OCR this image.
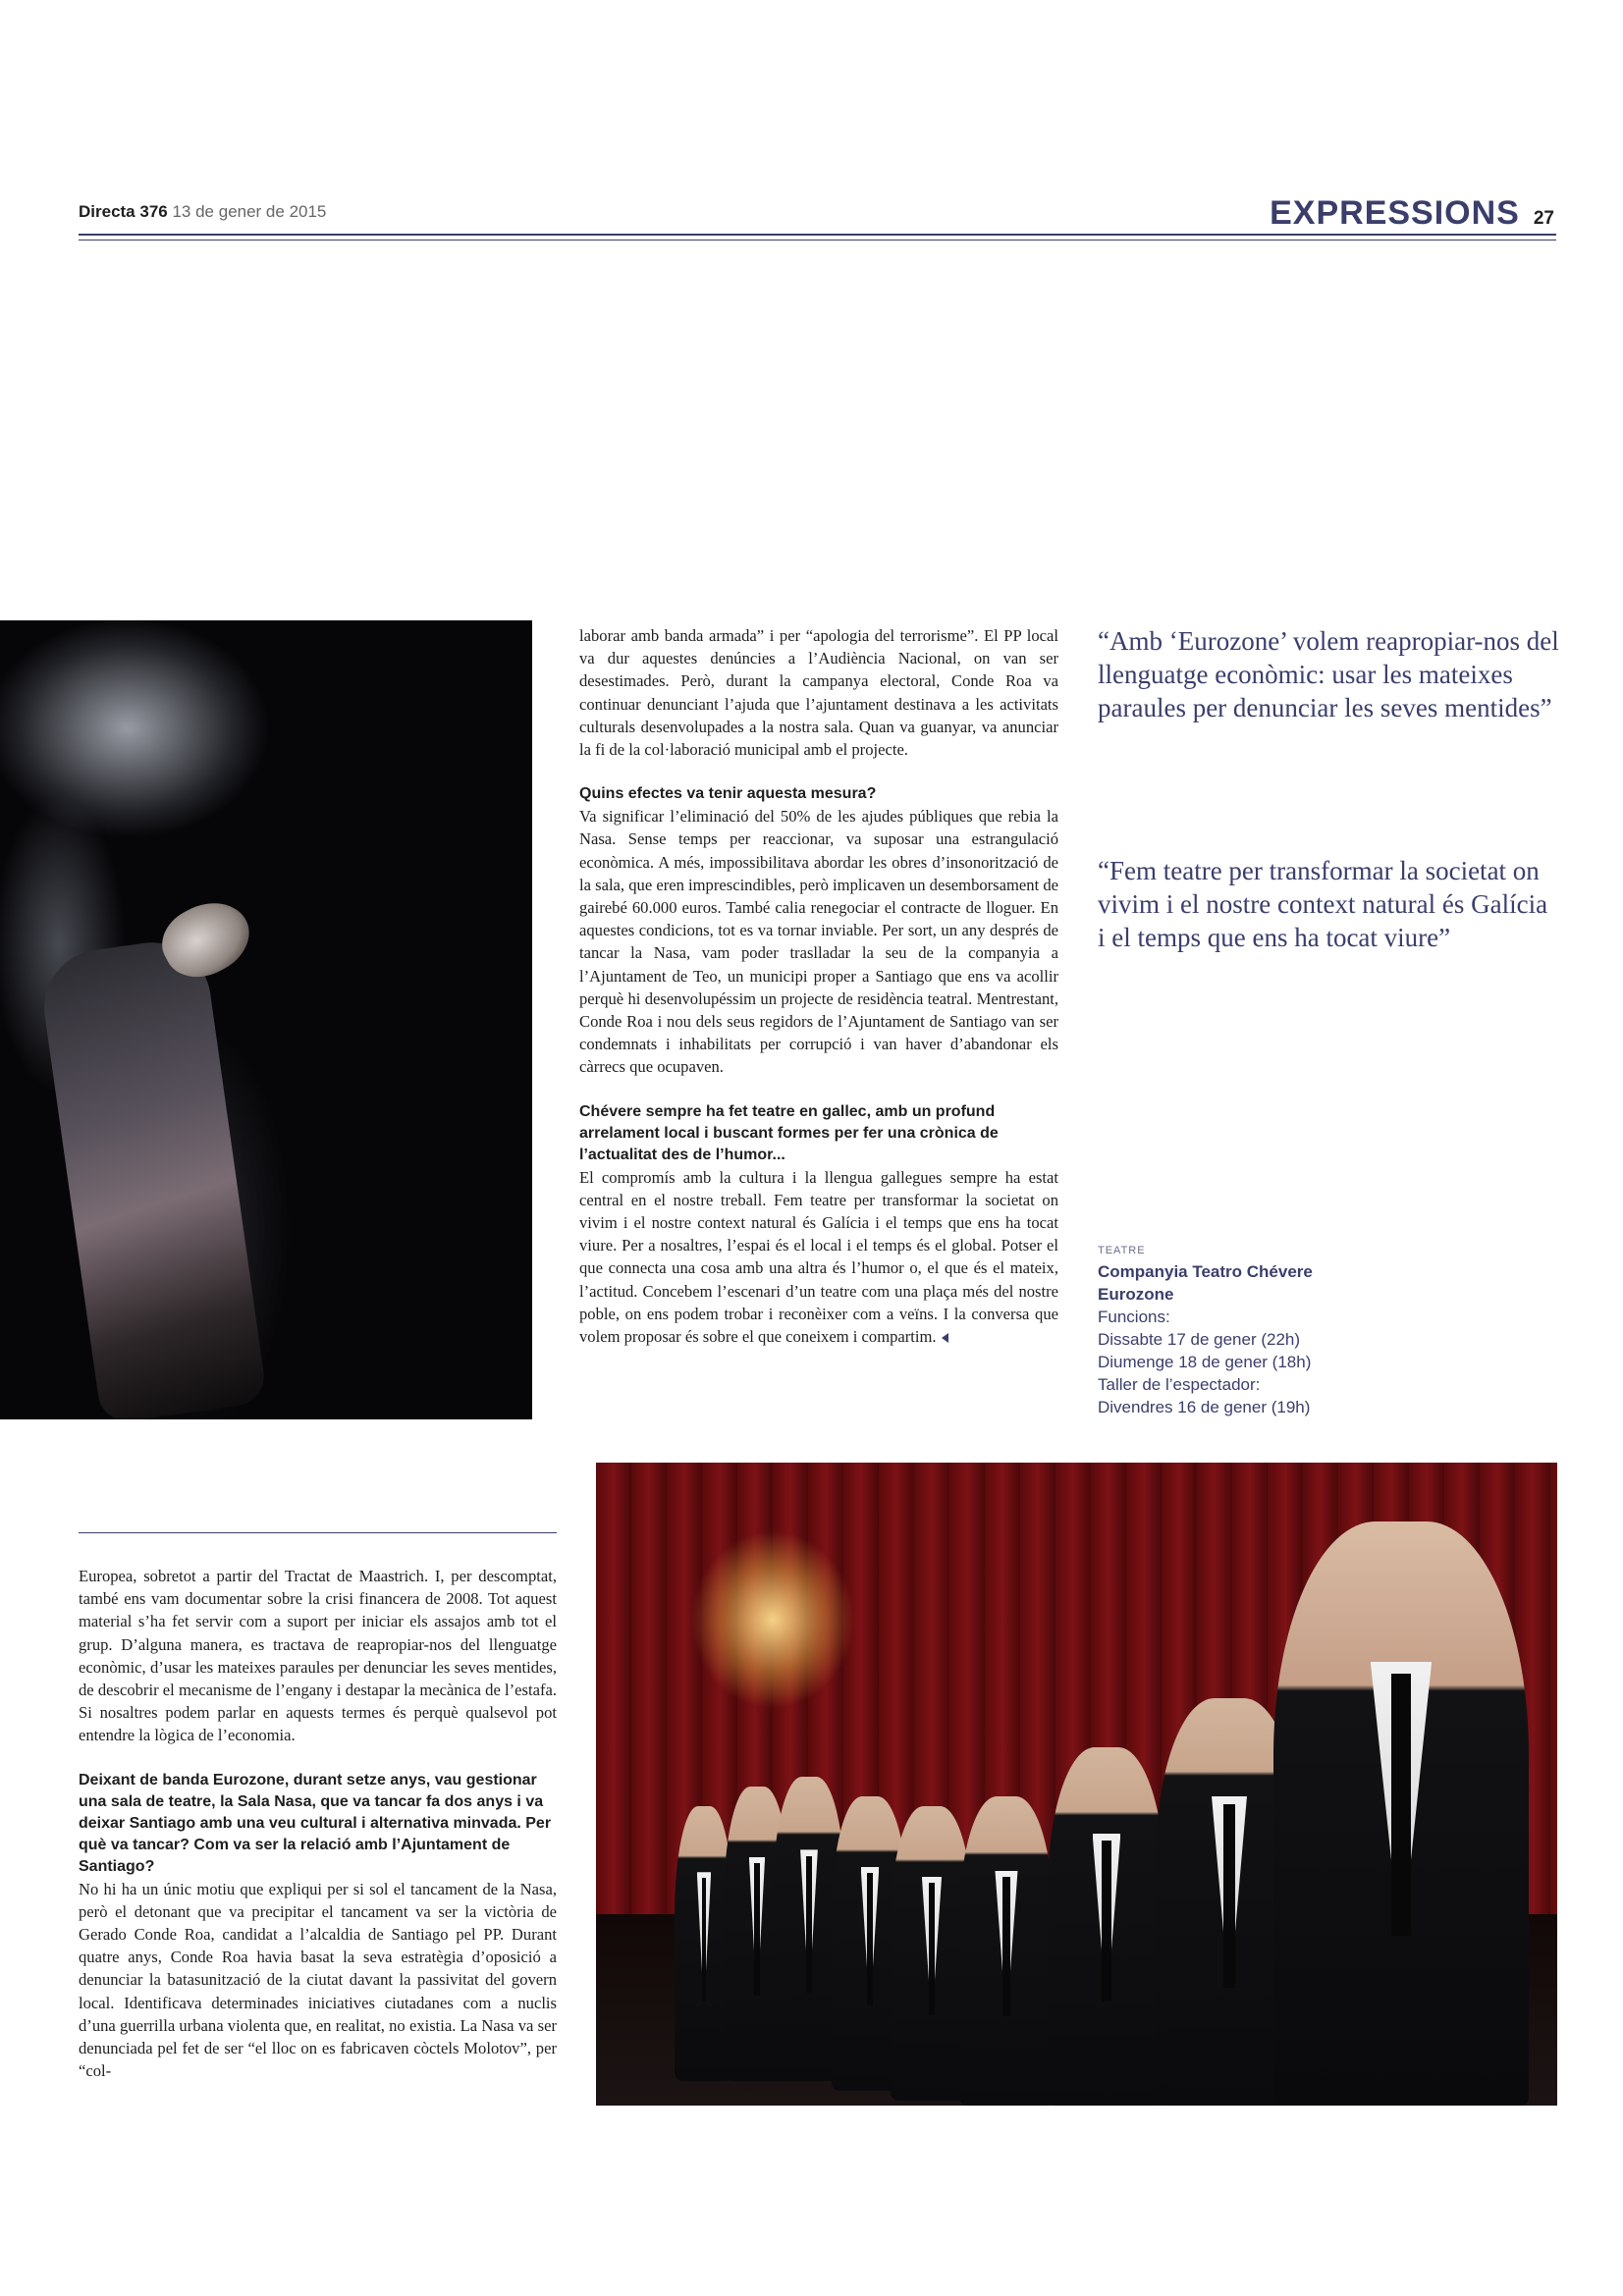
Directa 376 13 de gener de 2015	EXPRESSIONS 27

laborar amb banda armada” i per “apologia del terrorisme”. El PP local va dur aquestes denúncies a l’Audiència Nacional, on van ser desestimades. Però, durant la campanya electoral, Conde Roa va continuar denunciant l’ajuda que l’ajuntament destinava a les activitats culturals desenvolupades a la nostra sala. Quan va guanyar, va anunciar la fi de la col·laboració municipal amb el projecte.

Quins efectes va tenir aquesta mesura?

Va significar l’eliminació del 50% de les ajudes públiques que rebia la Nasa. Sense temps per reaccionar, va suposar una estrangulació econòmica. A més, impossibilitava abordar les obres d’insonorització de la sala, que eren imprescindibles, però implicaven un desemborsament de gairebé 60.000 euros. També calia renegociar el contracte de lloguer. En aquestes condicions, tot es va tornar inviable. Per sort, un any després de tancar la Nasa, vam poder traslladar la seu de la companyia a l’Ajuntament de Teo, un municipi proper a Santiago que ens va acollir perquè hi desenvolupéssim un projecte de residència teatral. Mentrestant, Conde Roa i nou dels seus regidors de l’Ajuntament de Santiago van ser condemnats i inhabilitats per corrupció i van haver d’abandonar els càrrecs que ocupaven.

Chévere sempre ha fet teatre en gallec, amb un profund arrelament local i buscant formes per fer una crònica de l’actualitat des de l’humor...

El compromís amb la cultura i la llengua gallegues sempre ha estat central en el nostre treball. Fem teatre per transformar la societat on vivim i el nostre context natural és Galícia i el temps que ens ha tocat viure. Per a nosaltres, l’espai és el local i el temps és el global. Potser el que connecta una cosa amb una altra és l’humor o, el que és el mateix, l’actitud. Concebem l’escenari d’un teatre com una plaça més del nostre poble, on ens podem trobar i reconèixer com a veïns. I la conversa que volem proposar és sobre el que coneixem i compartim.

“Amb ‘Eurozone’ volem reapropiar-nos del llenguatge econòmic: usar les mateixes paraules per denunciar les seves mentides”
“Fem teatre per transformar la societat on vivim i el nostre context natural és Galícia i el temps que ens ha tocat viure”
TEATRE
Companyia Teatro Chévere
Eurozone
Funcions:
Dissabte 17 de gener (22h)
Diumenge 18 de gener (18h)
Taller de l’espectador:
Divendres 16 de gener (19h)

Europea, sobretot a partir del Tractat de Maastrich. I, per descomptat, també ens vam documentar sobre la crisi financera de 2008. Tot aquest material s’ha fet servir com a suport per iniciar els assajos amb tot el grup. D’alguna manera, es tractava de reapropiar-nos del llenguatge econòmic, d’usar les mateixes paraules per denunciar les seves mentides, de descobrir el mecanisme de l’engany i destapar la mecànica de l’estafa. Si nosaltres podem parlar en aquests termes és perquè qualsevol pot entendre la lògica de l’economia.

Deixant de banda Eurozone, durant setze anys, vau gestionar una sala de teatre, la Sala Nasa, que va tancar fa dos anys i va deixar Santiago amb una veu cultural i alternativa minvada. Per què va tancar? Com va ser la relació amb l’Ajuntament de Santiago?

No hi ha un únic motiu que expliqui per si sol el tancament de la Nasa, però el detonant que va precipitar el tancament va ser la victòria de Gerado Conde Roa, candidat a l’alcaldia de Santiago pel PP. Durant quatre anys, Conde Roa havia basat la seva estratègia d’oposició a denunciar la batasunització de la ciutat davant la passivitat del govern local. Identificava determinades iniciatives ciutadanes com a nuclis d’una guerrilla urbana violenta que, en realitat, no existia. La Nasa va ser denunciada pel fet de ser “el lloc on es fabricaven còctels Molotov”, per “col-
